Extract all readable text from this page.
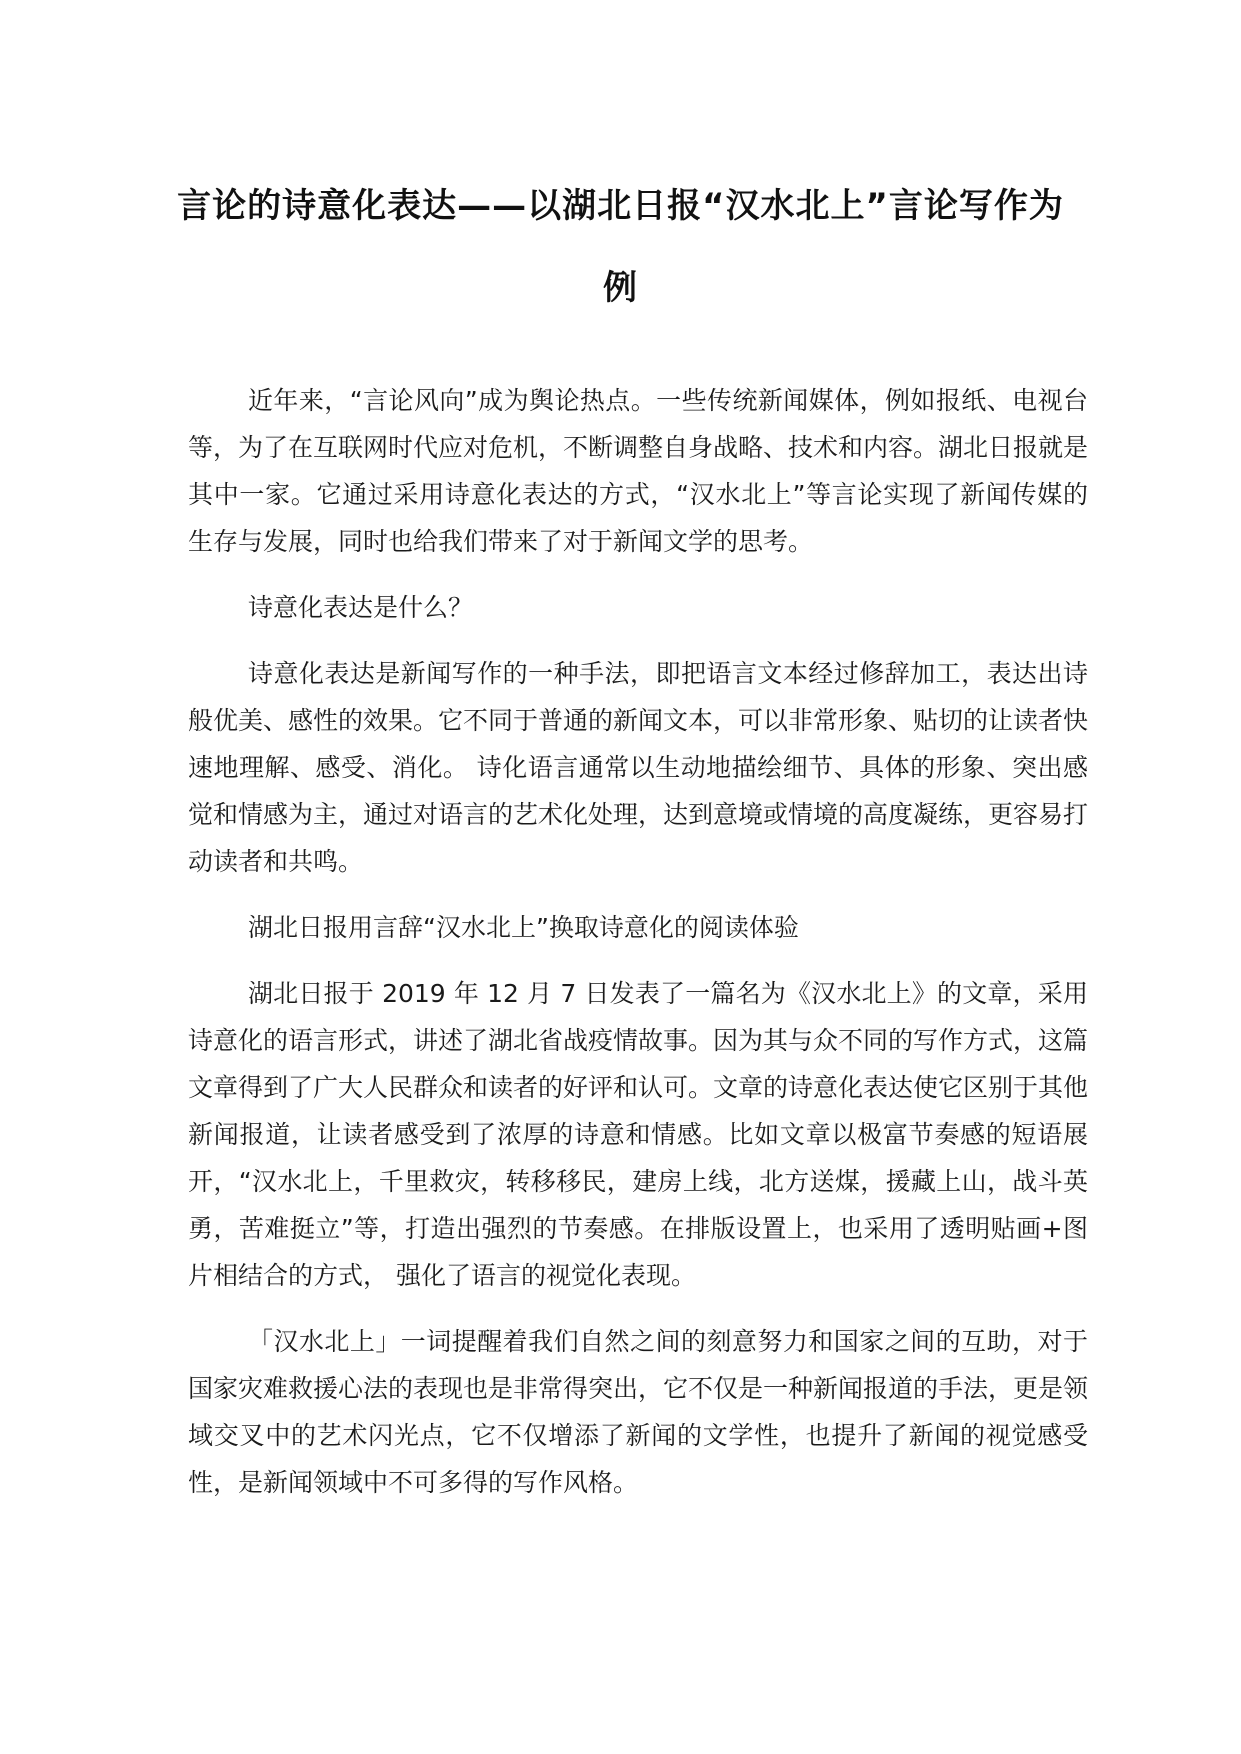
言论的诗意化表达——以湖北日报“汉水北上”言论写作为例

近年来，“言论风向”成为舆论热点。一些传统新闻媒体，例如报纸、电视台等，为了在互联网时代应对危机，不断调整自身战略、技术和内容。湖北日报就是其中一家。它通过采用诗意化表达的方式，“汉水北上”等言论实现了新闻传媒的生存与发展，同时也给我们带来了对于新闻文学的思考。

诗意化表达是什么？

诗意化表达是新闻写作的一种手法，即把语言文本经过修辞加工，表达出诗般优美、感性的效果。它不同于普通的新闻文本，可以非常形象、贴切的让读者快速地理解、感受、消化。 诗化语言通常以生动地描绘细节、具体的形象、突出感觉和情感为主，通过对语言的艺术化处理，达到意境或情境的高度凝练，更容易打动读者和共鸣。

湖北日报用言辞“汉水北上”换取诗意化的阅读体验

湖北日报于 2019 年 12 月 7 日发表了一篇名为《汉水北上》的文章，采用诗意化的语言形式，讲述了湖北省战疫情故事。因为其与众不同的写作方式，这篇文章得到了广大人民群众和读者的好评和认可。文章的诗意化表达使它区别于其他新闻报道，让读者感受到了浓厚的诗意和情感。比如文章以极富节奏感的短语展开，“汉水北上，千里救灾，转移移民，建房上线，北方送煤，援藏上山，战斗英勇，苦难挺立”等，打造出强烈的节奏感。在排版设置上，也采用了透明贴画+图片相结合的方式， 强化了语言的视觉化表现。

「汉水北上」一词提醒着我们自然之间的刻意努力和国家之间的互助，对于国家灾难救援心法的表现也是非常得突出，它不仅是一种新闻报道的手法，更是领域交叉中的艺术闪光点，它不仅增添了新闻的文学性，也提升了新闻的视觉感受性，是新闻领域中不可多得的写作风格。
